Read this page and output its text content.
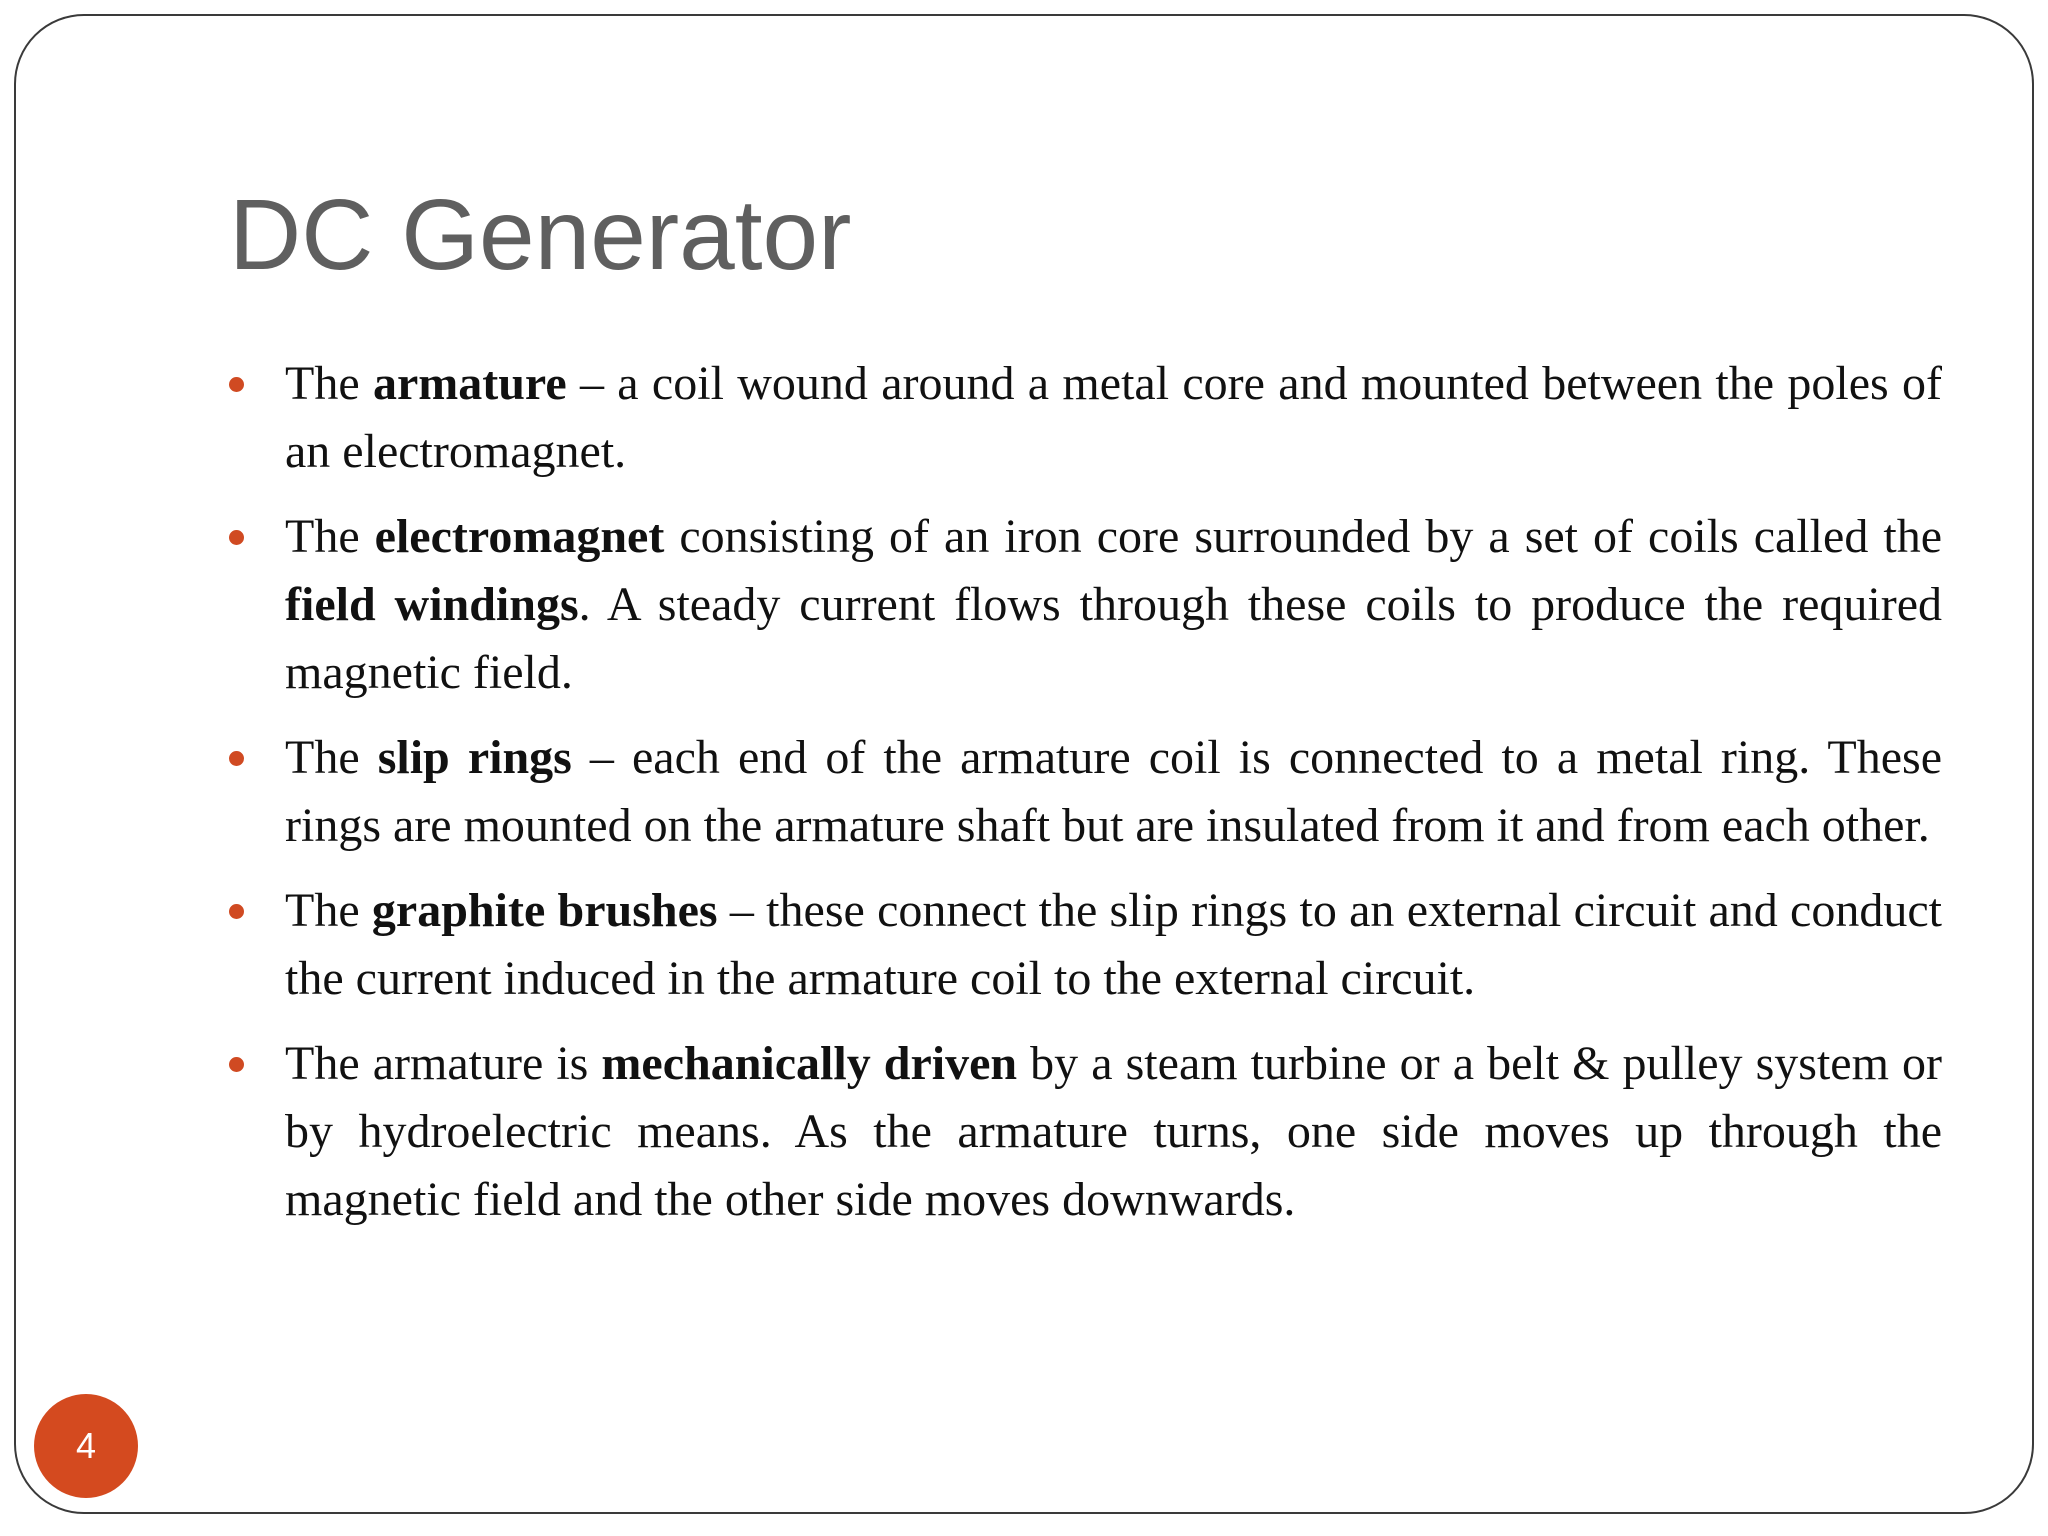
DC Generator
The armature – a coil wound around a metal core and mounted between the poles of an electromagnet.
The electromagnet consisting of an iron core surrounded by a set of coils called the field windings. A steady current flows through these coils to produce the required magnetic field.
The slip rings – each end of the armature coil is connected to a metal ring. These rings are mounted on the armature shaft but are insulated from it and from each other.
The graphite brushes – these connect the slip rings to an external circuit and conduct the current induced in the armature coil to the external circuit.
The armature is mechanically driven by a steam turbine or a belt & pulley system or by hydroelectric means. As the armature turns, one side moves up through the magnetic field and the other side moves downwards.
4
